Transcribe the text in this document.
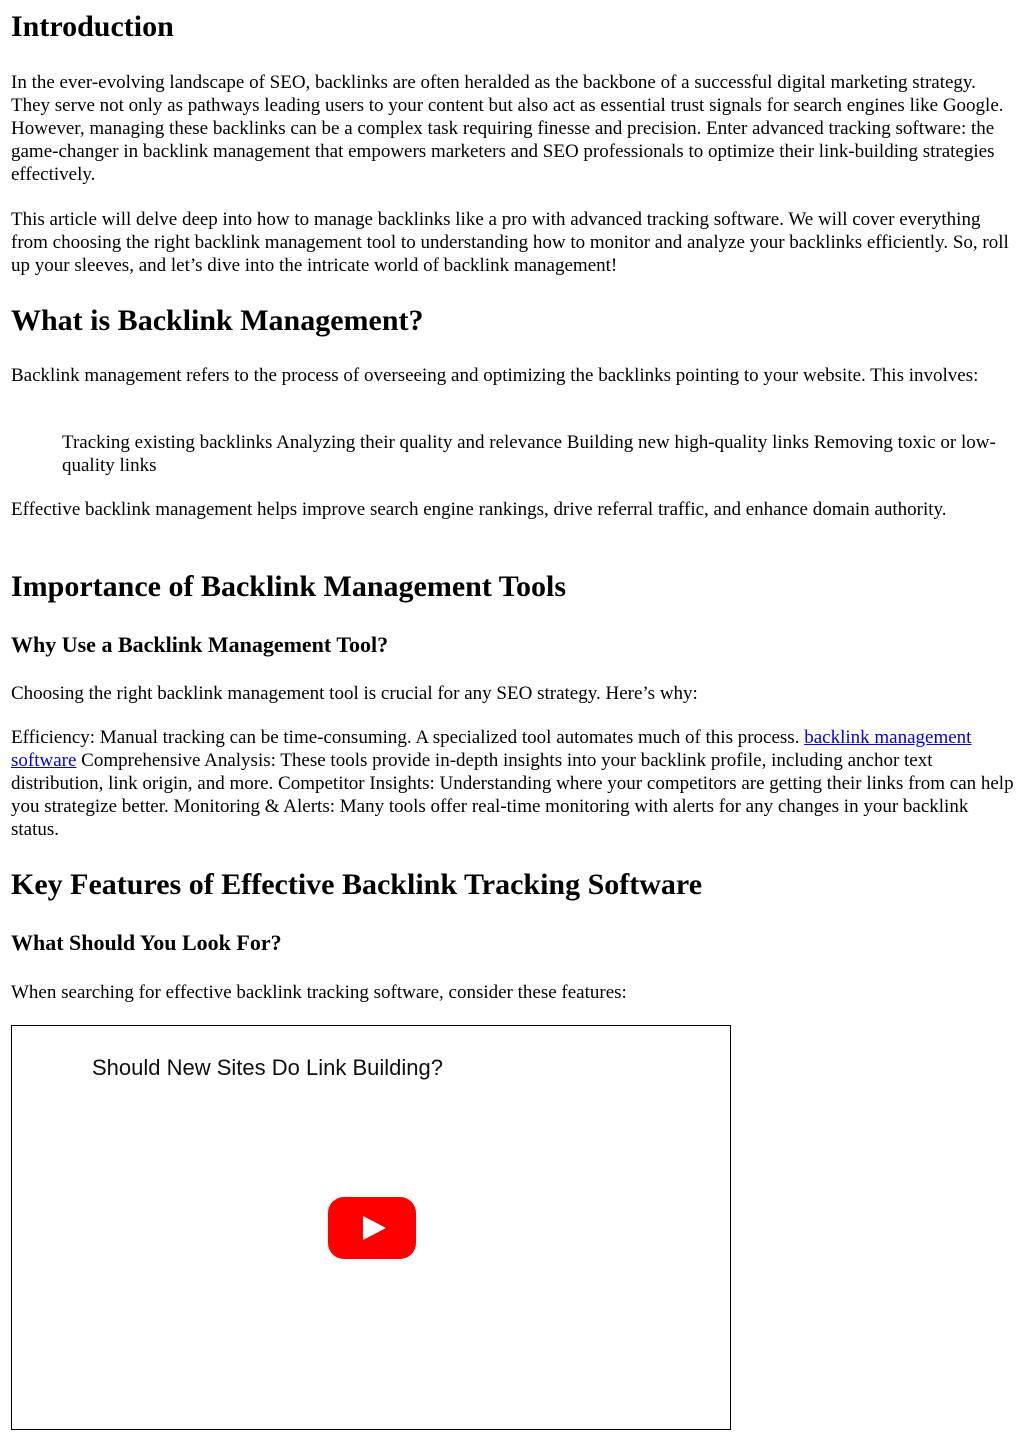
Introduction

In the ever-evolving landscape of SEO, backlinks are often heralded as the backbone of a successful digital marketing strategy. They serve not only as pathways leading users to your content but also act as essential trust signals for search engines like Google. However, managing these backlinks can be a complex task requiring finesse and precision. Enter advanced tracking software: the game-changer in backlink management that empowers marketers and SEO professionals to optimize their link-building strategies effectively.

This article will delve deep into how to manage backlinks like a pro with advanced tracking software. We will cover everything from choosing the right backlink management tool to understanding how to monitor and analyze your backlinks efficiently. So, roll up your sleeves, and let’s dive into the intricate world of backlink management!

What is Backlink Management?

Backlink management refers to the process of overseeing and optimizing the backlinks pointing to your website. This involves:

Tracking existing backlinks Analyzing their quality and relevance Building new high-quality links Removing toxic or low-quality links

Effective backlink management helps improve search engine rankings, drive referral traffic, and enhance domain authority.

Importance of Backlink Management Tools
Why Use a Backlink Management Tool?

Choosing the right backlink management tool is crucial for any SEO strategy. Here’s why:

Efficiency: Manual tracking can be time-consuming. A specialized tool automates much of this process. backlink management software Comprehensive Analysis: These tools provide in-depth insights into your backlink profile, including anchor text distribution, link origin, and more. Competitor Insights: Understanding where your competitors are getting their links from can help you strategize better. Monitoring & Alerts: Many tools offer real-time monitoring with alerts for any changes in your backlink status.

Key Features of Effective Backlink Tracking Software
What Should You Look For?

When searching for effective backlink tracking software, consider these features:

Should New Sites Do Link Building?
